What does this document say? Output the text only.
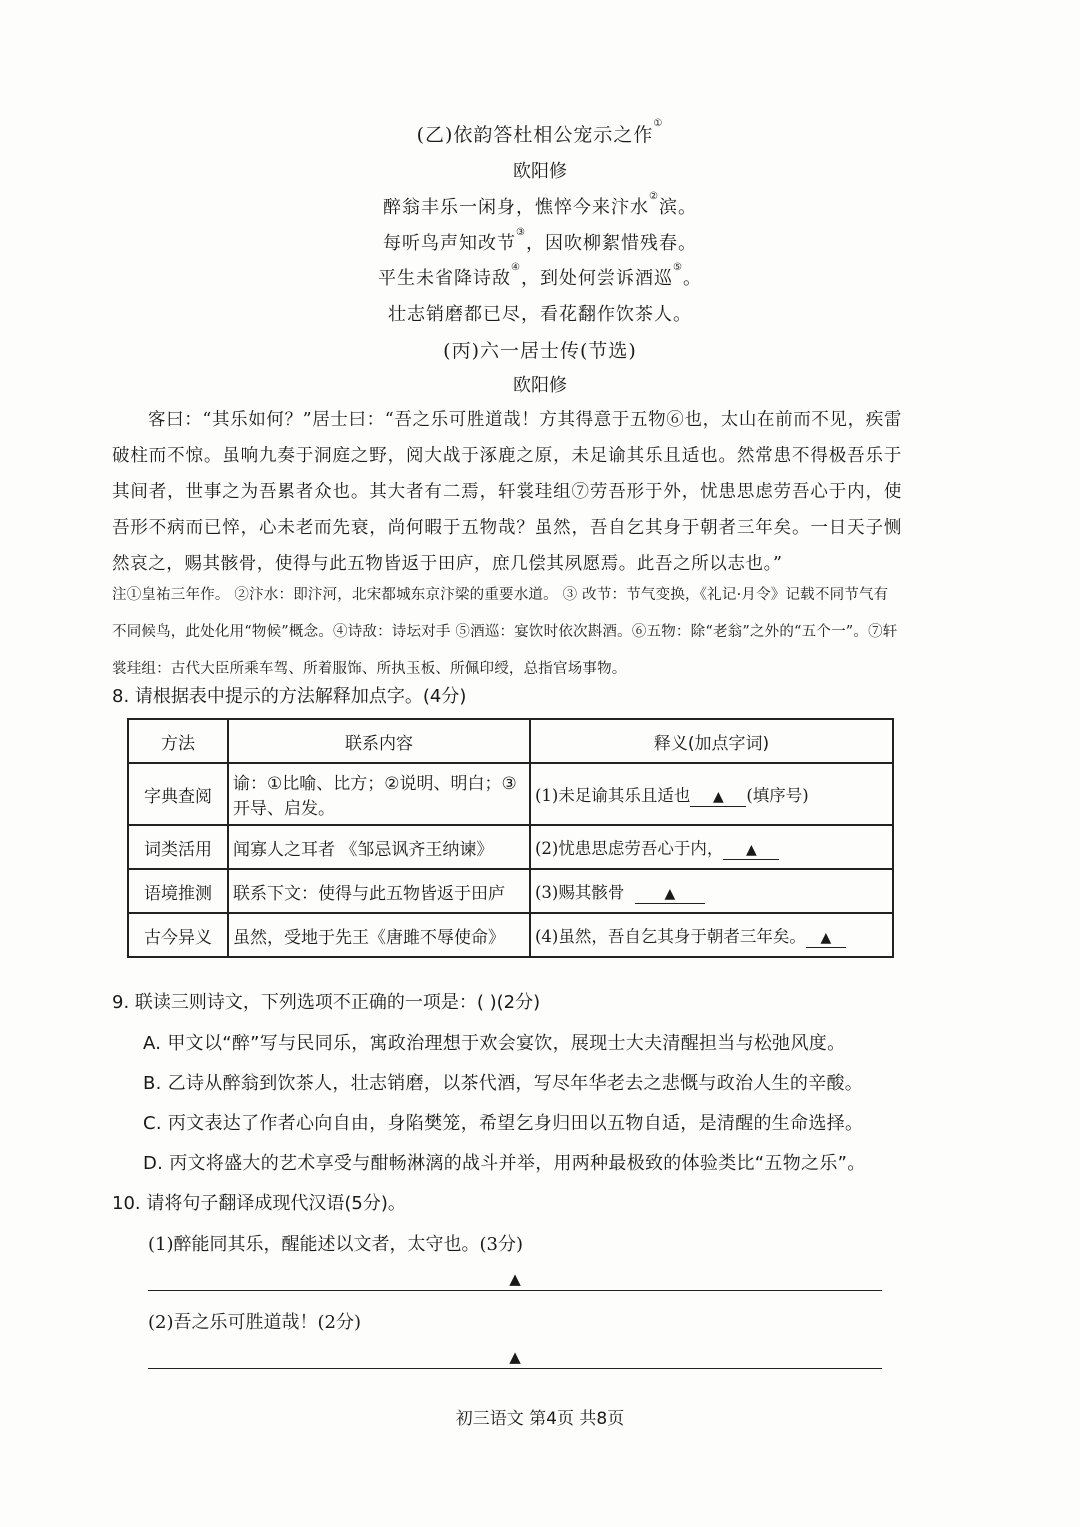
(乙)依韵答杜相公宠示之作①
欧阳修
醉翁丰乐一闲身，憔悴今来汴水②滨。
每听鸟声知改节③，因吹柳絮惜残春。
平生未省降诗敌④，到处何尝诉酒巡⑤。
壮志销磨都已尽，看花翻作饮茶人。
(丙)六一居士传(节选)
欧阳修
客曰：“其乐如何？”居士曰：“吾之乐可胜道哉！方其得意于五物⑥也，太山在前而不见，疾雷破柱而不惊。虽响九奏于洞庭之野，阅大战于涿鹿之原，未足谕其乐且适也。然常患不得极吾乐于其间者，世事之为吾累者众也。其大者有二焉，轩裳珪组⑦劳吾形于外，忧患思虑劳吾心于内，使吾形不病而已悴，心未老而先衰，尚何暇于五物哉？虽然，吾自乞其身于朝者三年矣。一日天子恻然哀之，赐其骸骨，使得与此五物皆返于田庐，庶几偿其夙愿焉。此吾之所以志也。”
注①皇祐三年作。 ②汴水：即汴河，北宋都城东京汴梁的重要水道。 ③ 改节：节气变换，《礼记·月令》记载不同节气有不同候鸟，此处化用“物候”概念。④诗敌：诗坛对手 ⑤酒巡：宴饮时依次斟酒。⑥五物：除“老翁”之外的“五个一”。⑦轩裳珪组：古代大臣所乘车驾、所着服饰、所执玉板、所佩印绶，总指官场事物。
8. 请根据表中提示的方法解释加点字。(4分)
方法	联系内容	释义(加点字词)
字典查阅	谕：①比喻、比方；②说明、明白；③开导、启发。	(1)未足谕其乐且适也 ▲ (填序号)
词类活用	闻寡人之耳者 《邹忌讽齐王纳谏》	(2)忧患思虑劳吾心于内， ▲
语境推测	联系下文：使得与此五物皆返于田庐	(3)赐其骸骨 ▲
古今异义	虽然，受地于先王《唐雎不辱使命》	(4)虽然，吾自乞其身于朝者三年矣。 ▲
9. 联读三则诗文，下列选项不正确的一项是：( )(2分)
A. 甲文以“醉”写与民同乐，寓政治理想于欢会宴饮，展现士大夫清醒担当与松弛风度。
B. 乙诗从醉翁到饮茶人，壮志销磨，以茶代酒，写尽年华老去之悲慨与政治人生的辛酸。
C. 丙文表达了作者心向自由，身陷樊笼，希望乞身归田以五物自适，是清醒的生命选择。
D. 丙文将盛大的艺术享受与酣畅淋漓的战斗并举，用两种最极致的体验类比“五物之乐”。
10. 请将句子翻译成现代汉语(5分)。
(1)醉能同其乐，醒能述以文者，太守也。(3分)
▲
(2)吾之乐可胜道哉！(2分)
▲
初三语文 第4页 共8页
